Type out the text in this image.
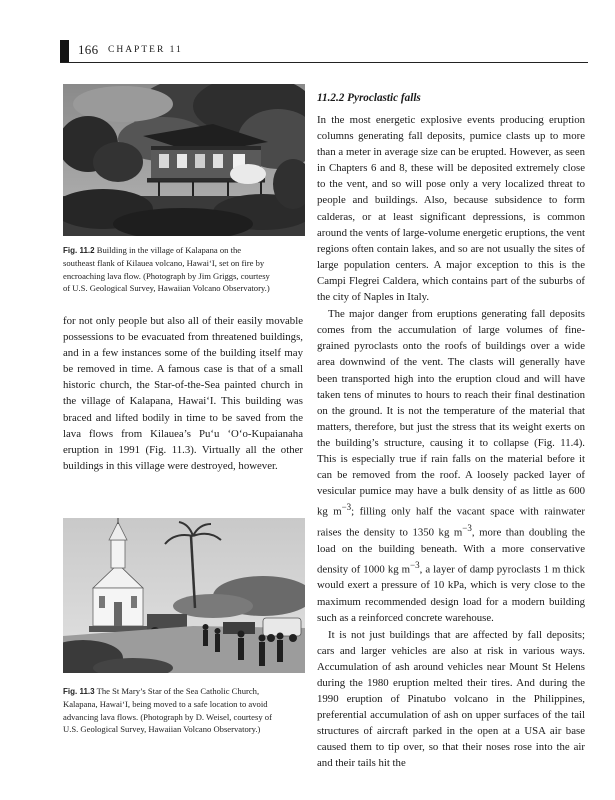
166 CHAPTER 11

Fig. 11.2 Building in the village of Kalapana on the southeast flank of Kilauea volcano, Hawai‘I, set on fire by encroaching lava flow. (Photograph by Jim Griggs, courtesy of U.S. Geological Survey, Hawaiian Volcano Observatory.)

for not only people but also all of their easily movable possessions to be evacuated from threatened buildings, and in a few instances some of the building itself may be removed in time. A famous case is that of a small historic church, the Star-of-the-Sea painted church in the village of Kalapana, Hawai‘I. This building was braced and lifted bodily in time to be saved from the lava flows from Kilauea’s Pu‘u ‘O‘o-Kupaianaha eruption in 1991 (Fig. 11.3). Virtually all the other buildings in this village were destroyed, however.

Fig. 11.3 The St Mary’s Star of the Sea Catholic Church, Kalapana, Hawai‘I, being moved to a safe location to avoid advancing lava flows. (Photograph by D. Weisel, courtesy of U.S. Geological Survey, Hawaiian Volcano Observatory.)

11.2.2 Pyroclastic falls

In the most energetic explosive events producing eruption columns generating fall deposits, pumice clasts up to more than a meter in average size can be erupted. However, as seen in Chapters 6 and 8, these will be deposited extremely close to the vent, and so will pose only a very localized threat to people and buildings. Also, because subsidence to form calderas, or at least significant depressions, is common around the vents of large-volume energetic eruptions, the vent regions often contain lakes, and so are not usually the sites of large population centers. A major exception to this is the Campi Flegrei Caldera, which contains part of the suburbs of the city of Naples in Italy.

The major danger from eruptions generating fall deposits comes from the accumulation of large volumes of fine-grained pyroclasts onto the roofs of buildings over a wide area downwind of the vent. The clasts will generally have been transported high into the eruption cloud and will have taken tens of minutes to hours to reach their final destination on the ground. It is not the temperature of the material that matters, therefore, but just the stress that its weight exerts on the building’s structure, causing it to collapse (Fig. 11.4). This is especially true if rain falls on the material before it can be removed from the roof. A loosely packed layer of vesicular pumice may have a bulk density of as little as 600 kg $m^{-3}$; filling only half the vacant space with rainwater raises the density to 1350 kg $m^{-3}$, more than doubling the load on the building beneath. With a more conservative density of 1000 kg $m^{-3}$, a layer of damp pyroclasts 1 m thick would exert a pressure of 10 kPa, which is very close to the maximum recommended design load for a modern building such as a reinforced concrete warehouse.

It is not just buildings that are affected by fall deposits; cars and larger vehicles are also at risk in various ways. Accumulation of ash around vehicles near Mount St Helens during the 1980 eruption melted their tires. And during the 1990 eruption of Pinatubo volcano in the Philippines, preferential accumulation of ash on upper surfaces of the tail structures of aircraft parked in the open at a USA air base caused them to tip over, so that their noses rose into the air and their tails hit the
